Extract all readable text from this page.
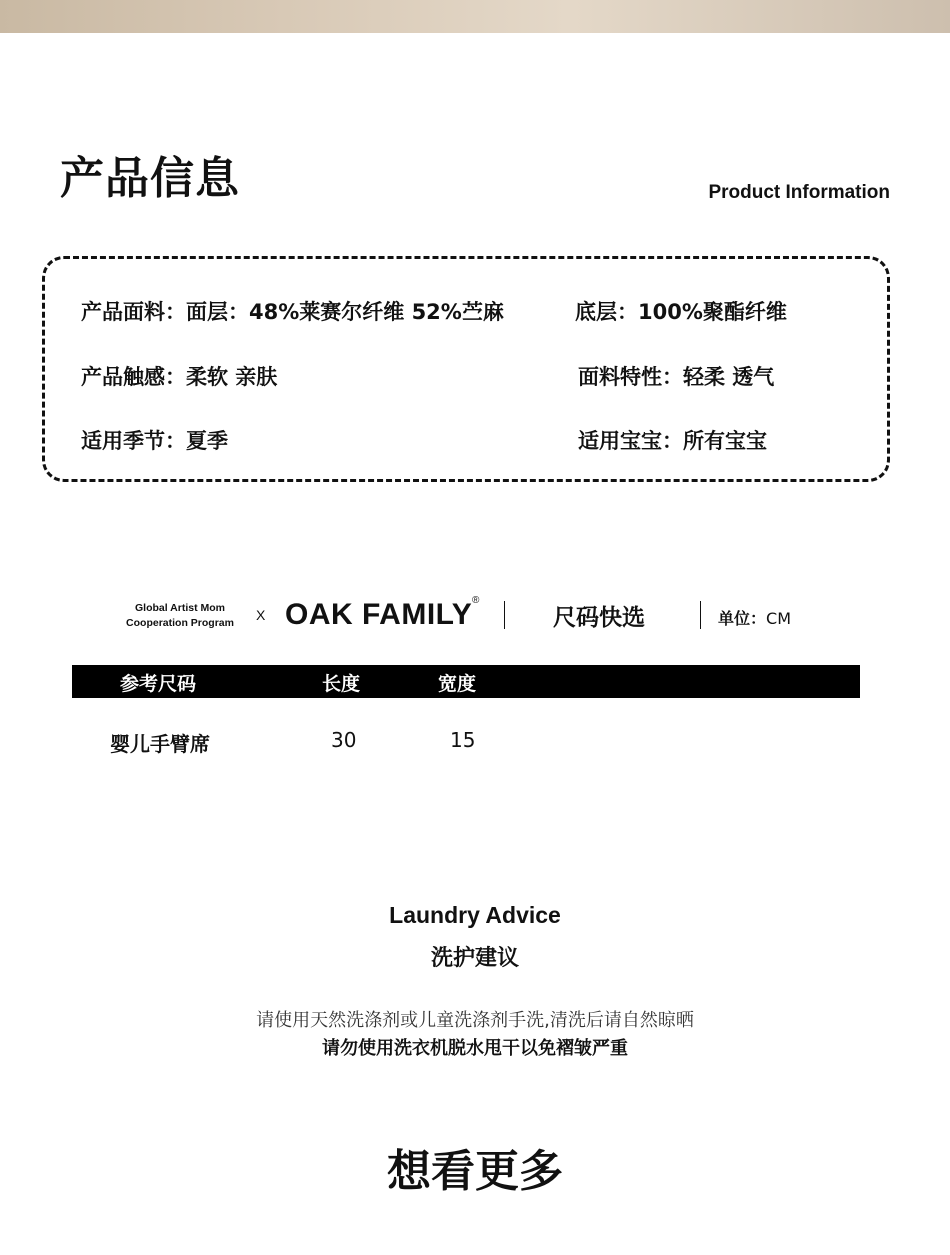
产品信息	Product Information
产品面料：面层：48%莱赛尔纤维 52%苎麻	底层：100%聚酯纤维
产品触感：柔软 亲肤	面料特性：轻柔 透气
适用季节：夏季	适用宝宝：所有宝宝
Global Artist Mom
Cooperation Program	X OAK FAMILY ®
尺码快选	单位：CM
参考尺码	长度	宽度
婴儿手臂席	30	15
Laundry Advice
洗护建议
请使用天然洗涤剂或儿童洗涤剂手洗,清洗后请自然晾晒
请勿使用洗衣机脱水甩干以免褶皱严重
想看更多
